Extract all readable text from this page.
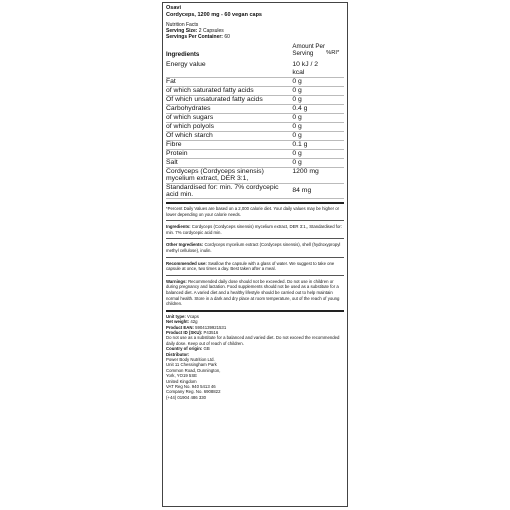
Osavi
Cordyceps, 1200 mg - 60 vegan caps
Nutrition Facts
Serving Size: 2 Capsules
Servings Per Container: 60
Ingredients	Amount Per Serving	%RI*
Energy value	10 kJ / 2 kcal	
Fat	0 g	
of which saturated fatty acids	0 g	
Of which unsaturated fatty acids	0 g	
Carbohydrates	0.4 g	
of which sugars	0 g	
of which polyols	0 g	
Of which starch	0 g	
Fibre	0.1 g	
Protein	0 g	
Salt	0 g	
Cordyceps (Cordyceps sinensis) mycelium extract, DER 3:1,	1200 mg	
Standardised for: min. 7% cordycepic acid min.	84 mg	

*Percent Daily Values are based on a 2,000 calorie diet. Your daily values may be higher or lower depending on your calorie needs.

Ingredients: Cordyceps (Cordyceps sinensis) mycelium extract, DER 3:1,, Standardised for: min. 7% cordycepic acid min.

Other Ingredients: Cordyceps mycelium extract (Cordyceps sinensis), shell (hydroxypropyl methyl cellulose), inulin.

Recommended use: Swallow the capsule with a glass of water. We suggest to take one capsule at once, two times a day. Best taken after a meal.

Warnings: Recommended daily dose should not be exceeded. Do not use in children or during pregnancy and lactation. Food supplements should not be used as a substitute for a balanced diet. A varied diet and a healthy lifestyle should be carried out to help maintain normal health. Store in a dark and dry place at room temperature, out of the reach of young children.

Unit type: Vcaps
Net weight: 42g
Product EAN: 5904139921531
Product ID (SKU): P43516
Do not use as a substitute for a balanced and varied diet. Do not exceed the recommended daily dose. Keep out of reach of children.
Country of origin: GB
Distributor:
Power Body Nutrition Ltd.
Unit 11 Chessingham Park
Common Road, Dunnington,
York, YO19 5SE
United Kingdom
VAT Reg No. 940 5413 46
Company Reg. No. 6908822
(+44) 01904 486 330
